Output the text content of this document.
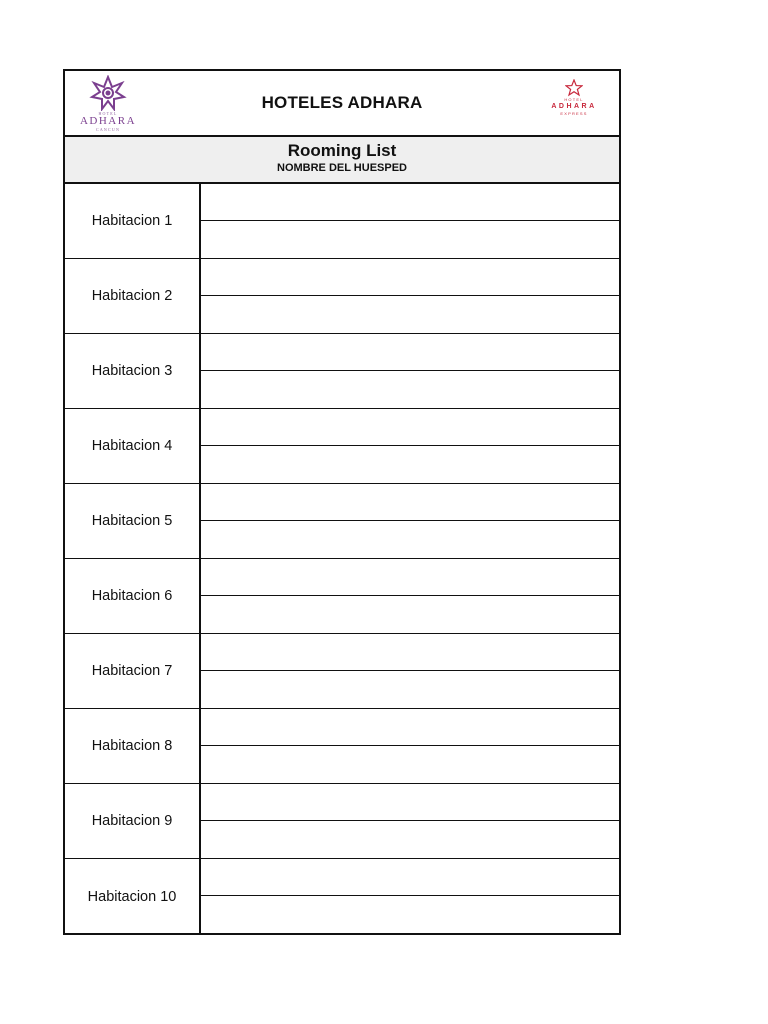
HOTEL
ADHARA
CANCUN
HOTELES ADHARA	HOTEL
ADHARA
EXPRESS
Rooming List
NOMBRE DEL HUESPED
Habitacion 1
Habitacion 2
Habitacion 3
Habitacion 4
Habitacion 5
Habitacion 6
Habitacion 7
Habitacion 8
Habitacion 9
Habitacion 10
